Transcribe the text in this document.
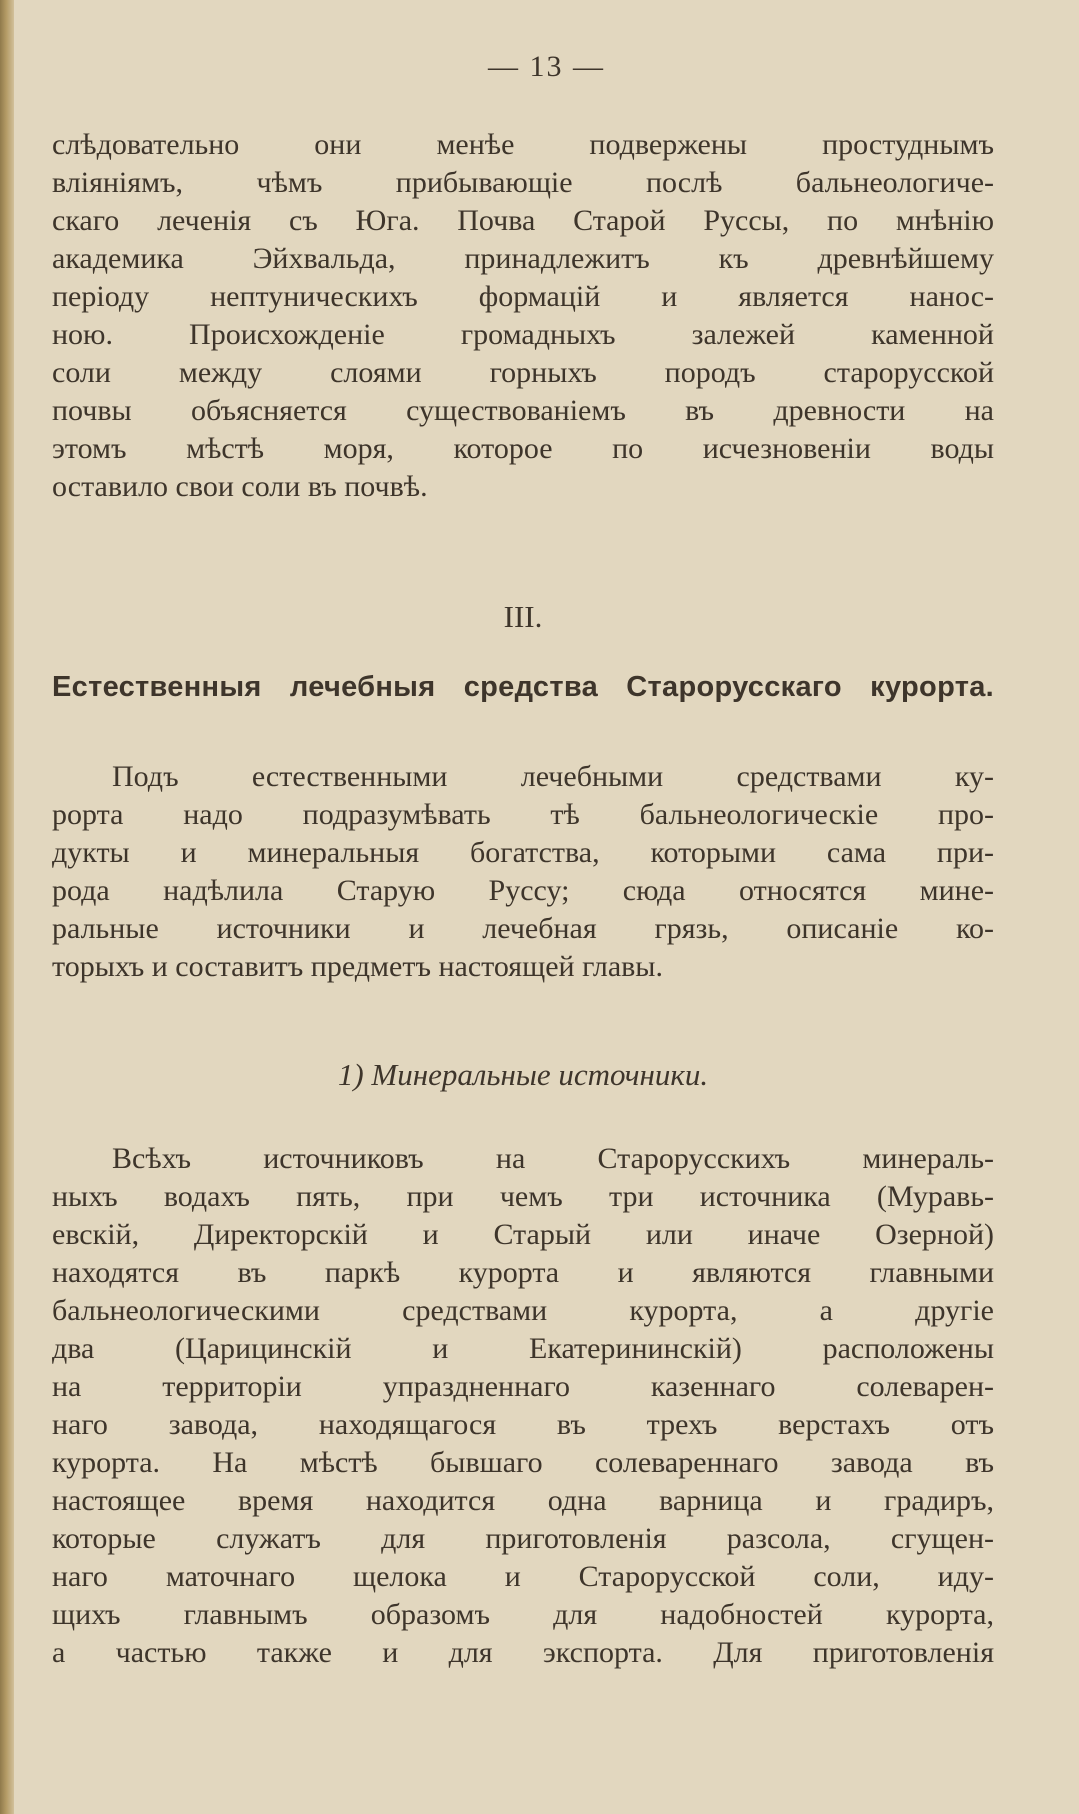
— 13 —

слѣдовательно они менѣе подвержены простуднымъ

вліяніямъ, чѣмъ прибывающіе послѣ бальнеологиче-

скаго леченія съ Юга. Почва Старой Руссы, по мнѣнію

академика Эйхвальда, принадлежитъ къ древнѣйшему

періоду нептуническихъ формацій и является нанос-

ною. Происхожденіе громадныхъ залежей каменной

соли между слоями горныхъ породъ старорусской

почвы объясняется существованіемъ въ древности на

этомъ мѣстѣ моря, которое по исчезновеніи воды

оставило свои соли въ почвѣ.

III.
Естественныя лечебныя средства Старорусскаго курорта.

Подъ естественными лечебными средствами ку-

рорта надо подразумѣвать тѣ бальнеологическіе про-

дукты и минеральныя богатства, которыми сама при-

рода надѣлила Старую Руссу; сюда относятся мине-

ральные источники и лечебная грязь, описаніе ко-

торыхъ и составитъ предметъ настоящей главы.

1) Минеральные источники.

Всѣхъ источниковъ на Старорусскихъ минераль-

ныхъ водахъ пять, при чемъ три источника (Муравь-

евскій, Директорскій и Старый или иначе Озерной)

находятся въ паркѣ курорта и являются главными

бальнеологическими средствами курорта, а другіе

два (Царицинскій и Екатерининскій) расположены

на территоріи упраздненнаго казеннаго солеварен-

наго завода, находящагося въ трехъ верстахъ отъ

курорта. На мѣстѣ бывшаго солевареннаго завода въ

настоящее время находится одна варница и градиръ,

которые служатъ для приготовленія разсола, сгущен-

наго маточнаго щелока и Старорусской соли, иду-

щихъ главнымъ образомъ для надобностей курорта,

а частью также и для экспорта. Для приготовленія
